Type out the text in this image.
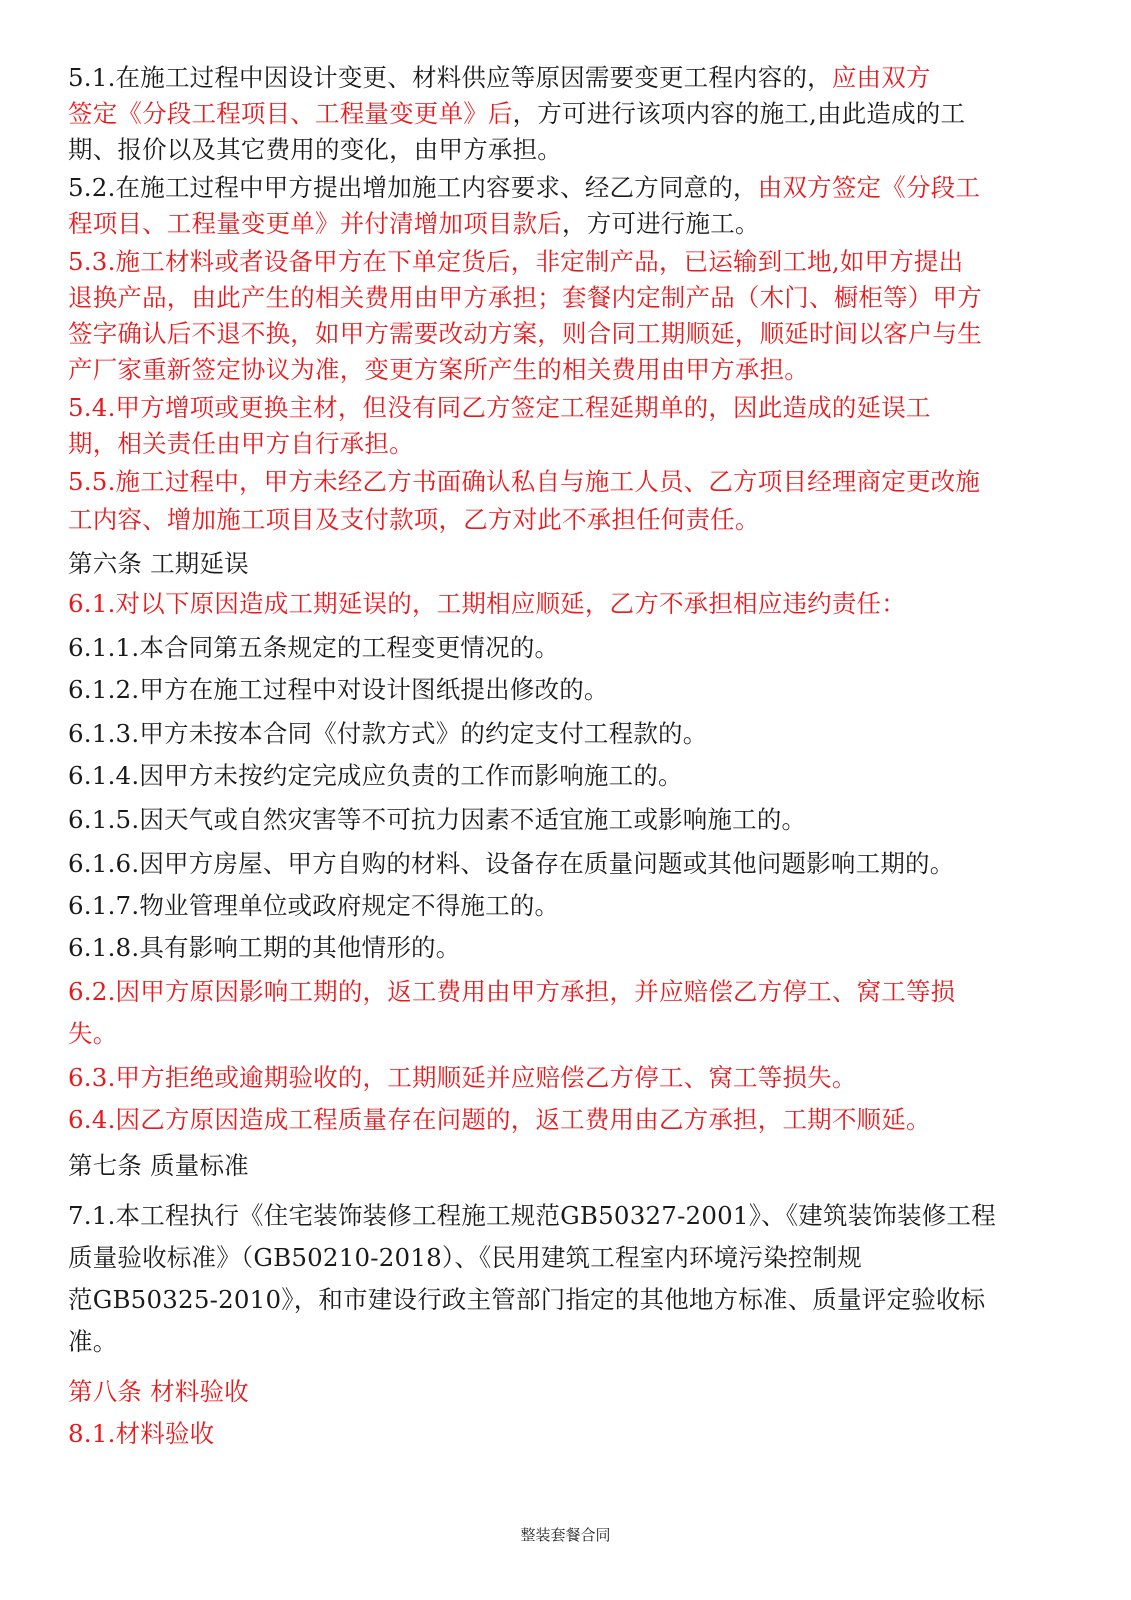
5.1.在施工过程中因设计变更、材料供应等原因需要变更工程内容的，应由双方
签定《分段工程项目、工程量变更单》后，方可进行该项内容的施工,由此造成的工
期、报价以及其它费用的变化，由甲方承担。
5.2.在施工过程中甲方提出增加施工内容要求、经乙方同意的，由双方签定《分段工
程项目、工程量变更单》并付清增加项目款后，方可进行施工。
5.3.施工材料或者设备甲方在下单定货后，非定制产品，已运输到工地,如甲方提出
退换产品，由此产生的相关费用由甲方承担；套餐内定制产品（木门、橱柜等）甲方
签字确认后不退不换，如甲方需要改动方案，则合同工期顺延，顺延时间以客户与生
产厂家重新签定协议为准，变更方案所产生的相关费用由甲方承担。
5.4.甲方增项或更换主材，但没有同乙方签定工程延期单的，因此造成的延误工
期，相关责任由甲方自行承担。
5.5.施工过程中，甲方未经乙方书面确认私自与施工人员、乙方项目经理商定更改施
工内容、增加施工项目及支付款项，乙方对此不承担任何责任。
第六条 工期延误
6.1.对以下原因造成工期延误的，工期相应顺延，乙方不承担相应违约责任：
6.1.1.本合同第五条规定的工程变更情况的。
6.1.2.甲方在施工过程中对设计图纸提出修改的。
6.1.3.甲方未按本合同《付款方式》的约定支付工程款的。
6.1.4.因甲方未按约定完成应负责的工作而影响施工的。
6.1.5.因天气或自然灾害等不可抗力因素不适宜施工或影响施工的。
6.1.6.因甲方房屋、甲方自购的材料、设备存在质量问题或其他问题影响工期的。
6.1.7.物业管理单位或政府规定不得施工的。
6.1.8.具有影响工期的其他情形的。
6.2.因甲方原因影响工期的，返工费用由甲方承担，并应赔偿乙方停工、窝工等损
失。
6.3.甲方拒绝或逾期验收的，工期顺延并应赔偿乙方停工、窝工等损失。
6.4.因乙方原因造成工程质量存在问题的，返工费用由乙方承担，工期不顺延。
第七条 质量标准
7.1.本工程执行《住宅装饰装修工程施工规范GB50327-2001》、《建筑装饰装修工程
质量验收标准》（GB50210-2018）、《民用建筑工程室内环境污染控制规
范GB50325-2010》，和市建设行政主管部门指定的其他地方标准、质量评定验收标
准。
第八条 材料验收
8.1.材料验收
整装套餐合同
